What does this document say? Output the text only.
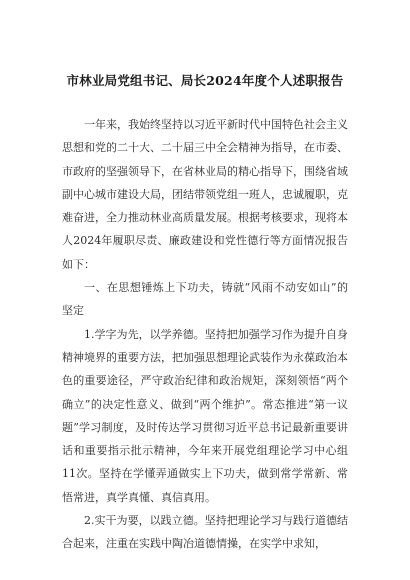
市林业局党组书记、局长2024年度个人述职报告

一年来，我始终坚持以习近平新时代中国特色社会主义思想和党的二十大、二十届三中全会精神为指导，在市委、市政府的坚强领导下，在省林业局的精心指导下，围绕省域副中心城市建设大局，团结带领党组一班人，忠诚履职，克难奋进，全力推动林业高质量发展。根据考核要求，现将本人2024年履职尽责、廉政建设和党性德行等方面情况报告如下：

一、在思想锤炼上下功夫，铸就“风雨不动安如山”的坚定

1.学字为先，以学养德。坚持把加强学习作为提升自身精神境界的重要方法，把加强思想理论武装作为永葆政治本色的重要途径，严守政治纪律和政治规矩，深刻领悟“两个确立”的决定性意义、做到“两个维护”。常态推进“第一议题”学习制度，及时传达学习贯彻习近平总书记最新重要讲话和重要指示批示精神，今年来开展党组理论学习中心组11次。坚持在学懂弄通做实上下功夫，做到常学常新、常悟常进，真学真懂、真信真用。

2.实干为要，以践立德。坚持把理论学习与践行道德结合起来，注重在实践中陶冶道德情操，在实学中求知，
